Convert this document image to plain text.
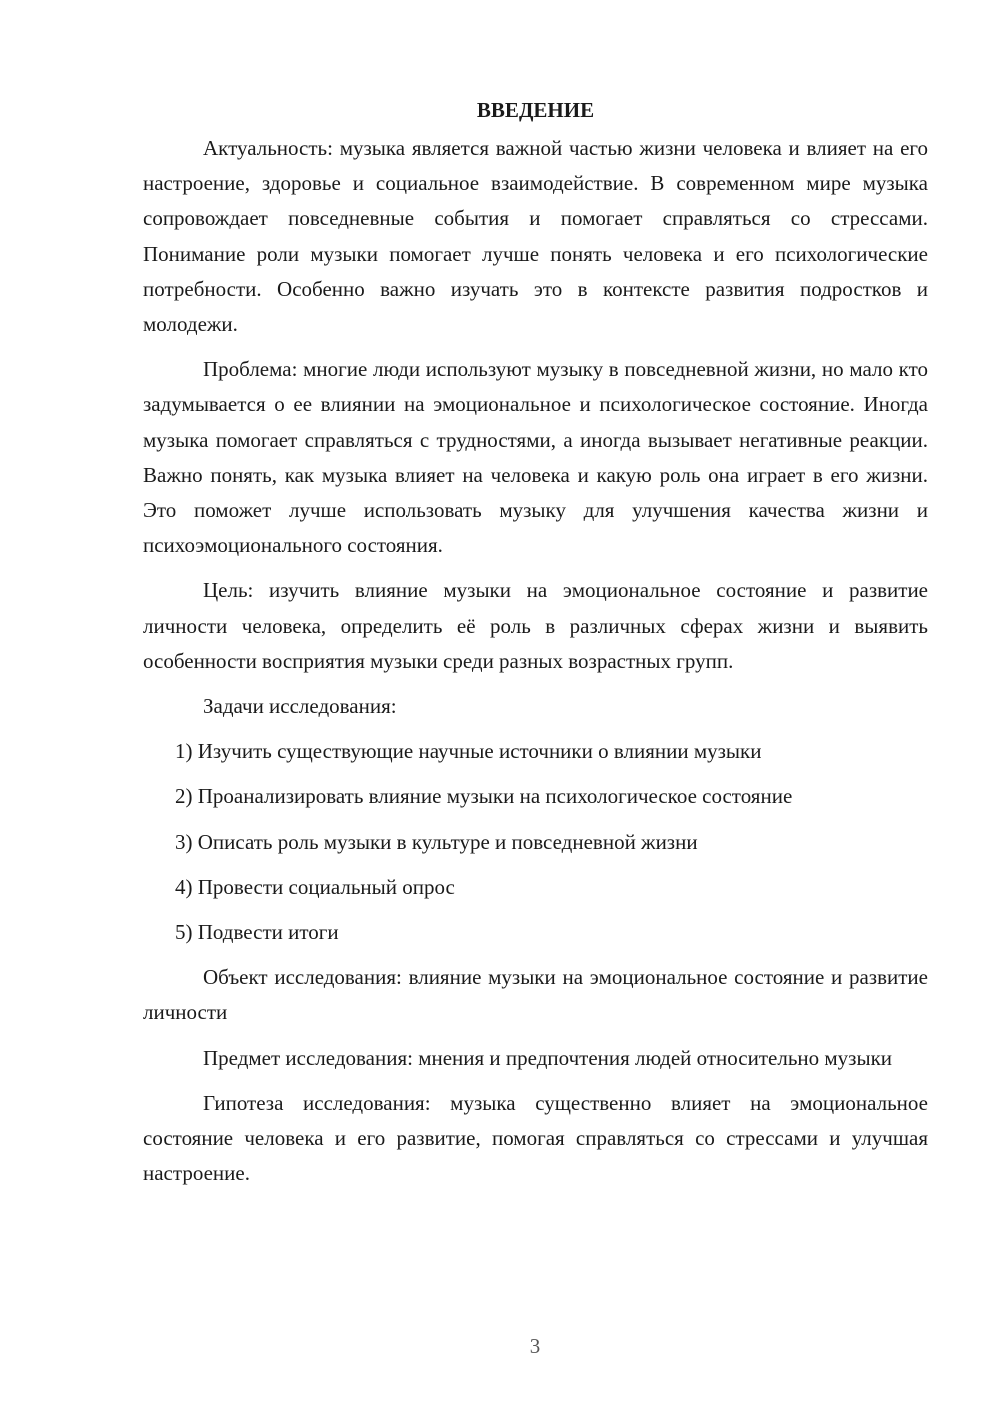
ВВЕДЕНИЕ

Актуальность: музыка является важной частью жизни человека и влияет на его настроение, здоровье и социальное взаимодействие. В современном мире музыка сопровождает повседневные события и помогает справляться со стрессами. Понимание роли музыки помогает лучше понять человека и его психологические потребности. Особенно важно изучать это в контексте развития подростков и молодежи.

Проблема: многие люди используют музыку в повседневной жизни, но мало кто задумывается о ее влиянии на эмоциональное и психологическое состояние. Иногда музыка помогает справляться с трудностями, а иногда вызывает негативные реакции. Важно понять, как музыка влияет на человека и какую роль она играет в его жизни. Это поможет лучше использовать музыку для улучшения качества жизни и психоэмоционального состояния.

Цель: изучить влияние музыки на эмоциональное состояние и развитие личности человека, определить её роль в различных сферах жизни и выявить особенности восприятия музыки среди разных возрастных групп.

Задачи исследования:

1) Изучить существующие научные источники о влиянии музыки
2) Проанализировать влияние музыки на психологическое состояние
3) Описать роль музыки в культуре и повседневной жизни
4) Провести социальный опрос
5) Подвести итоги

Объект исследования: влияние музыки на эмоциональное состояние и развитие личности

Предмет исследования: мнения и предпочтения людей относительно музыки

Гипотеза исследования: музыка существенно влияет на эмоциональное состояние человека и его развитие, помогая справляться со стрессами и улучшая настроение.

3
